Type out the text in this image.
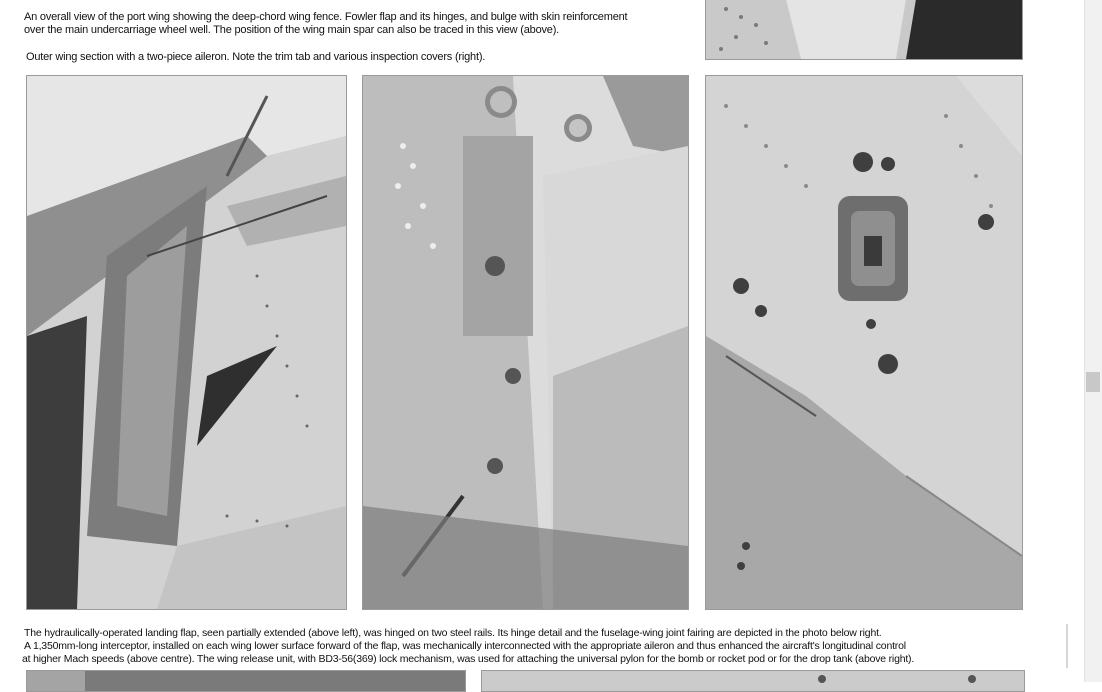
An overall view of the port wing showing the deep-chord wing fence. Fowler flap and its hinges, and bulge with skin reinforcement
over the main undercarriage wheel well. The position of the wing main spar can also be traced in this view (above).
Outer wing section with a two-piece aileron. Note the trim tab and various inspection covers (right).
The hydraulically-operated landing flap, seen partially extended (above left), was hinged on two steel rails. Its hinge detail and the fuselage-wing joint fairing are depicted in the photo below right.
A 1,350mm-long interceptor, installed on each wing lower surface forward of the flap, was mechanically interconnected with the appropriate aileron and thus enhanced the aircraft's longitudinal control
at higher Mach speeds (above centre). The wing release unit, with BD3-56(369) lock mechanism, was used for attaching the universal pylon for the bomb or rocket pod or for the drop tank (above right).
